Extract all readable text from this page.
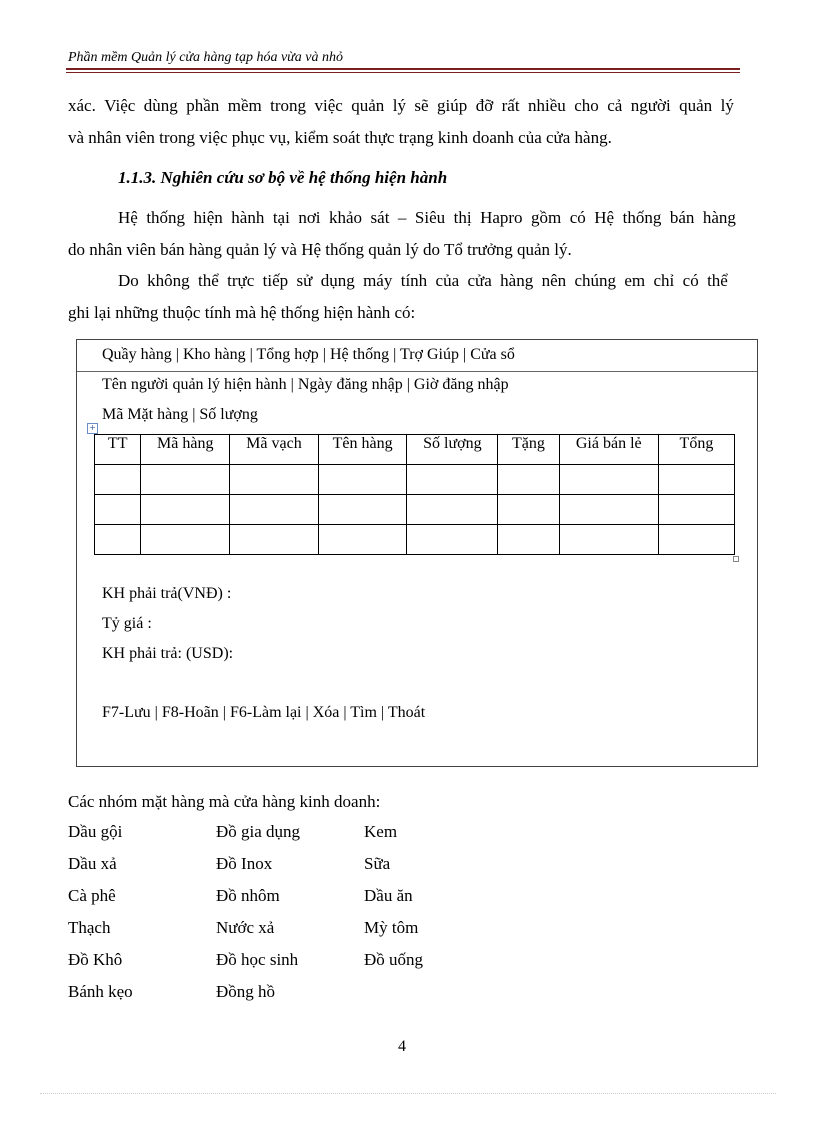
Phần mềm Quản lý cửa hàng tạp hóa vừa và nhỏ
xác. Việc dùng phần mềm trong việc quản lý sẽ giúp đỡ rất nhiều cho cả người quản lý
và nhân viên trong việc phục vụ, kiểm soát thực trạng kinh doanh của cửa hàng.
1.1.3. Nghiên cứu sơ bộ về hệ thống hiện hành
Hệ thống hiện hành tại nơi khảo sát – Siêu thị Hapro gồm có Hệ thống bán hàng
do nhân viên bán hàng quản lý và Hệ thống quản lý do Tổ trưởng quản lý.
Do không thể trực tiếp sử dụng máy tính của cửa hàng nên chúng em chỉ có thể
ghi lại những thuộc tính mà hệ thống hiện hành có:
Quầy hàng | Kho hàng | Tổng hợp | Hệ thống | Trợ Giúp | Cửa sổ
Tên người quản lý hiện hành | Ngày đăng nhập | Giờ đăng nhập
Mã Mặt hàng | Số lượng
+
TT	Mã hàng	Mã vạch	Tên hàng	Số lượng	Tặng	Giá bán lẻ	Tổng

KH phải trả(VNĐ) :
Tỷ giá :
KH phải trả: (USD):
F7-Lưu | F8-Hoãn | F6-Làm lại | Xóa | Tìm | Thoát
Các nhóm mặt hàng mà cửa hàng kinh doanh:
Dầu gội	Đồ gia dụng	Kem
Dầu xả	Đồ Inox	Sữa
Cà phê	Đồ nhôm	Dầu ăn
Thạch	Nước xả	Mỳ tôm
Đồ Khô	Đồ học sinh	Đồ uống
Bánh kẹo	Đồng hồ
4
